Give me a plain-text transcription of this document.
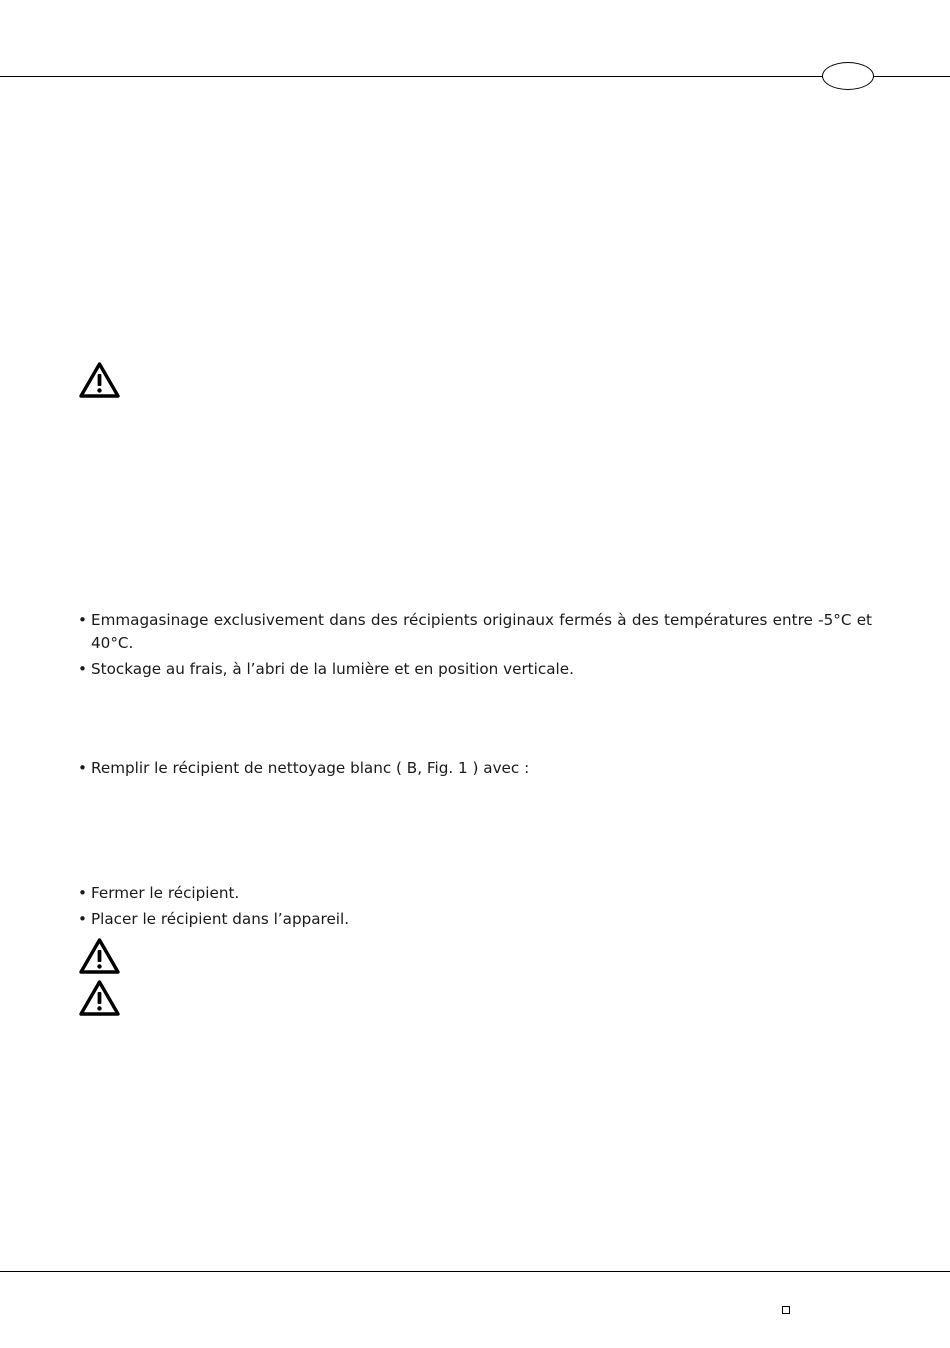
• Emmagasinage exclusivement dans des récipients originaux fermés à des températures entre -5°C et 40°C.
• Stockage au frais, à l’abri de la lumière et en position verticale.
• Remplir le récipient de nettoyage blanc ( B, Fig. 1 ) avec :
• Fermer le récipient.
• Placer le récipient dans l’appareil.
